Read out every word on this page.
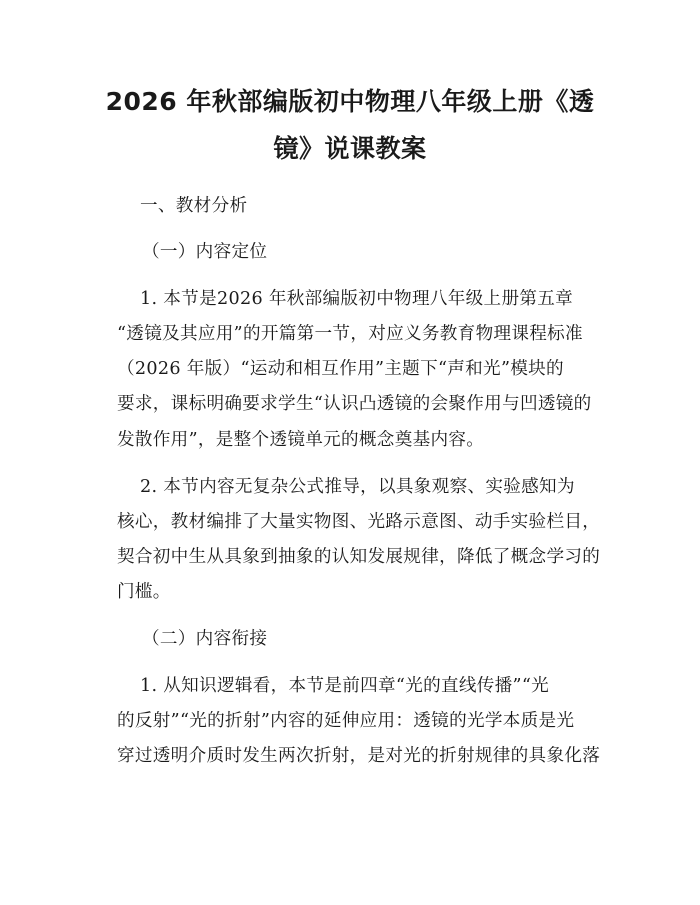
2026 年秋部编版初中物理八年级上册《透
镜》说课教案
一、教材分析
（一）内容定位
1. 本节是2026 年秋部编版初中物理八年级上册第五章
“透镜及其应用”的开篇第一节，对应义务教育物理课程标准
（2026 年版）“运动和相互作用”主题下“声和光”模块的
要求，课标明确要求学生“认识凸透镜的会聚作用与凹透镜的
发散作用”，是整个透镜单元的概念奠基内容。
2. 本节内容无复杂公式推导，以具象观察、实验感知为
核心，教材编排了大量实物图、光路示意图、动手实验栏目，
契合初中生从具象到抽象的认知发展规律，降低了概念学习的
门槛。
（二）内容衔接
1. 从知识逻辑看，本节是前四章“光的直线传播”“光
的反射”“光的折射”内容的延伸应用：透镜的光学本质是光
穿过透明介质时发生两次折射，是对光的折射规律的具象化落
